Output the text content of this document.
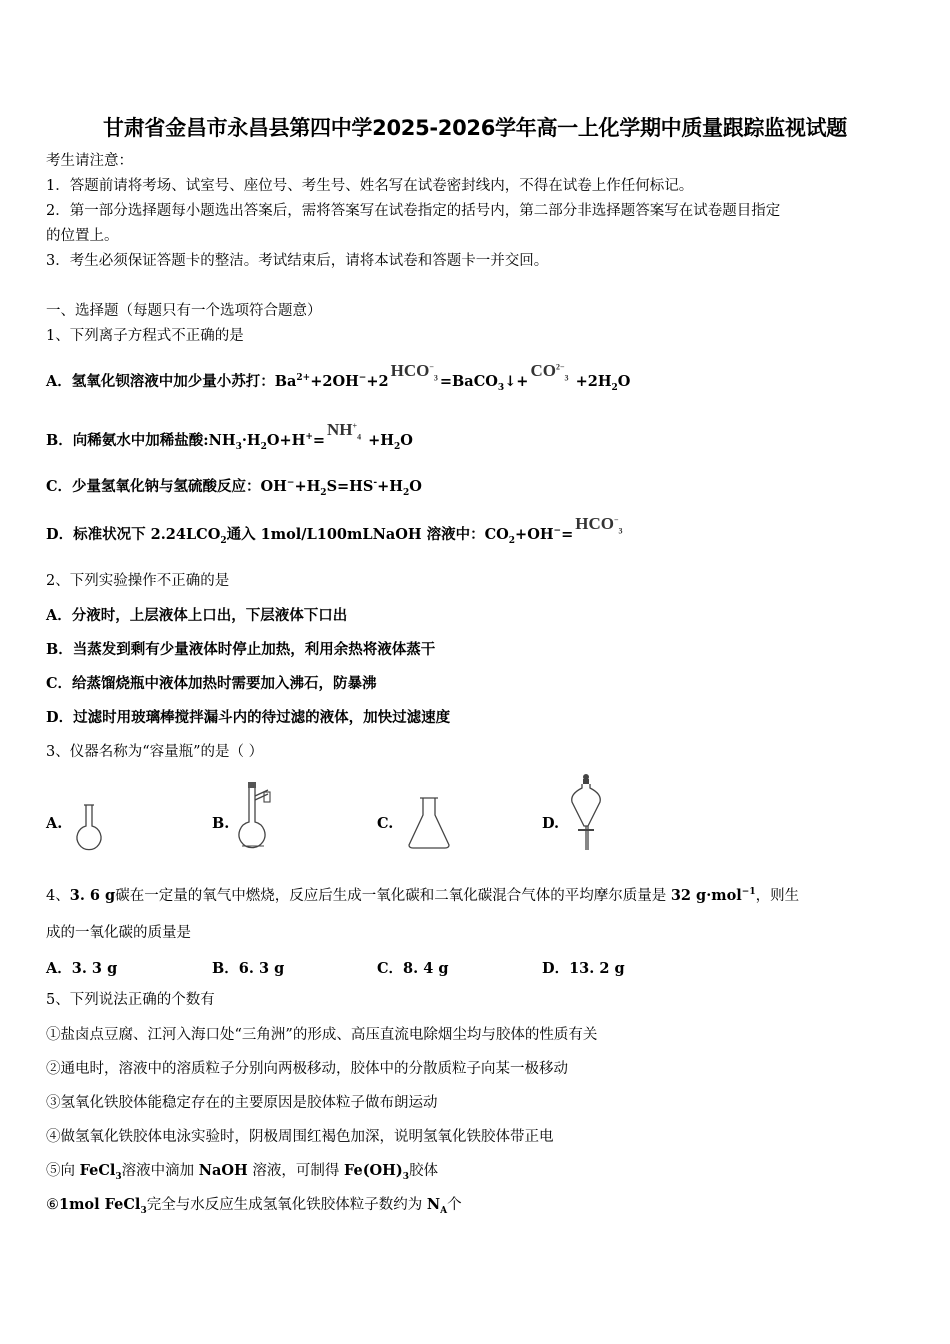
甘肃省金昌市永昌县第四中学2025-2026学年高一上化学期中质量跟踪监视试题
考生请注意：
1．答题前请将考场、试室号、座位号、考生号、姓名写在试卷密封线内，不得在试卷上作任何标记。
2．第一部分选择题每小题选出答案后，需将答案写在试卷指定的括号内，第二部分非选择题答案写在试卷题目指定
的位置上。
3．考生必须保证答题卡的整洁。考试结束后，请将本试卷和答题卡一并交回。
一、选择题（每题只有一个选项符合题意）
1、下列离子方程式不正确的是
A．氢氧化钡溶液中加少量小苏打：$Ba^{2+}+2OH^-+2HCO^-_3$ $=BaCO_3↓+CO^{2-}_3 +2H_2O$
B．向稀氨水中加稀盐酸$:NH_3\cdot H_2O+H^+=NH^+_4 +H_2O$
C．少量氢氧化钠与氢硫酸反应：$OH^-+H_2S=HS^-+H_2O$
D．标准状况下 $2.24LCO_2$通入 1mol/L100mLNaOH 溶液中：$CO_2+OH^-=HCO^-_3$
2、下列实验操作不正确的是
A．分液时，上层液体上口出，下层液体下口出
B．当蒸发到剩有少量液体时停止加热，利用余热将液体蒸干
C．给蒸馏烧瓶中液体加热时需要加入沸石，防暴沸
D．过滤时用玻璃棒搅拌漏斗内的待过滤的液体，加快过滤速度
3、仪器名称为“容量瓶”的是（ ）
A.	B.	C.	D.
4、3. 6 g碳在一定量的氧气中燃烧，反应后生成一氧化碳和二氧化碳混合气体的平均摩尔质量是 32 g·mol$^{-1}$，则生
成的一氧化碳的质量是
A．3. 3 g	B．6. 3 g	C．8. 4 g	D．13. 2 g
5、下列说法正确的个数有
①盐卤点豆腐、江河入海口处“三角洲”的形成、高压直流电除烟尘均与胶体的性质有关
②通电时，溶液中的溶质粒子分别向两极移动，胶体中的分散质粒子向某一极移动
③氢氧化铁胶体能稳定存在的主要原因是胶体粒子做布朗运动
④做氢氧化铁胶体电泳实验时，阴极周围红褐色加深，说明氢氧化铁胶体带正电
⑤向 FeCl$_3$溶液中滴加 NaOH 溶液，可制得 $Fe(OH)_3$胶体
⑥1mol FeCl$_3$完全与水反应生成氢氧化铁胶体粒子数约为 $N_A$个
